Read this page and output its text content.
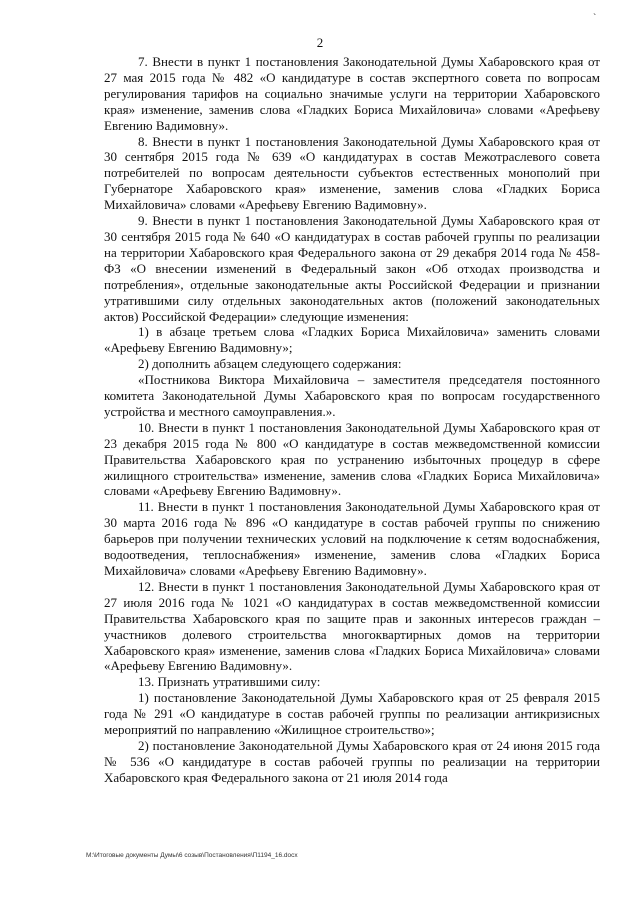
`
2

7. Внести в пункт 1 постановления Законодательной Думы Хабаровского края от 27 мая 2015 года № 482 «О кандидатуре в состав экспертного совета по вопросам регулирования тарифов на социально значимые услуги на территории Хабаровского края» изменение, заменив слова «Гладких Бориса Михайловича» словами «Арефьеву Евгению Вадимовну».

8. Внести в пункт 1 постановления Законодательной Думы Хабаровского края от 30 сентября 2015 года № 639 «О кандидатурах в состав Межотраслевого совета потребителей по вопросам деятельности субъектов естественных монополий при Губернаторе Хабаровского края» изменение, заменив слова «Гладких Бориса Михайловича» словами «Арефьеву Евгению Вадимовну».

9. Внести в пункт 1 постановления Законодательной Думы Хабаровского края от 30 сентября 2015 года № 640 «О кандидатурах в состав рабочей группы по реализации на территории Хабаровского края Федерального закона от 29 декабря 2014 года № 458-ФЗ «О внесении изменений в Федеральный закон «Об отходах производства и потребления», отдельные законодательные акты Российской Федерации и признании утратившими силу отдельных законодательных актов (положений законодательных актов) Российской Федерации» следующие изменения:

1) в абзаце третьем слова «Гладких Бориса Михайловича» заменить словами «Арефьеву Евгению Вадимовну»;

2) дополнить абзацем следующего содержания:

«Постникова Виктора Михайловича – заместителя председателя постоянного комитета Законодательной Думы Хабаровского края по вопросам государственного устройства и местного самоуправления.».

10. Внести в пункт 1 постановления Законодательной Думы Хабаровского края от 23 декабря 2015 года № 800 «О кандидатуре в состав межведомственной комиссии Правительства Хабаровского края по устранению избыточных процедур в сфере жилищного строительства» изменение, заменив слова «Гладких Бориса Михайловича» словами «Арефьеву Евгению Вадимовну».

11. Внести в пункт 1 постановления Законодательной Думы Хабаровского края от 30 марта 2016 года № 896 «О кандидатуре в состав рабочей группы по снижению барьеров при получении технических условий на подключение к сетям водоснабжения, водоотведения, теплоснабжения» изменение, заменив слова «Гладких Бориса Михайловича» словами «Арефьеву Евгению Вадимовну».

12. Внести в пункт 1 постановления Законодательной Думы Хабаровского края от 27 июля 2016 года № 1021 «О кандидатурах в состав межведомственной комиссии Правительства Хабаровского края по защите прав и законных интересов граждан – участников долевого строительства многоквартирных домов на территории Хабаровского края» изменение, заменив слова «Гладких Бориса Михайловича» словами «Арефьеву Евгению Вадимовну».

13. Признать утратившими силу:

1) постановление Законодательной Думы Хабаровского края от 25 февраля 2015 года № 291 «О кандидатуре в состав рабочей группы по реализации антикризисных мероприятий по направлению «Жилищное строительство»;

2) постановление Законодательной Думы Хабаровского края от 24 июня 2015 года № 536 «О кандидатуре в состав рабочей группы по реализации на территории Хабаровского края Федерального закона от 21 июля 2014 года

М:\Итоговые документы Думы\6 созыв\Постановления\П1194_16.docx
